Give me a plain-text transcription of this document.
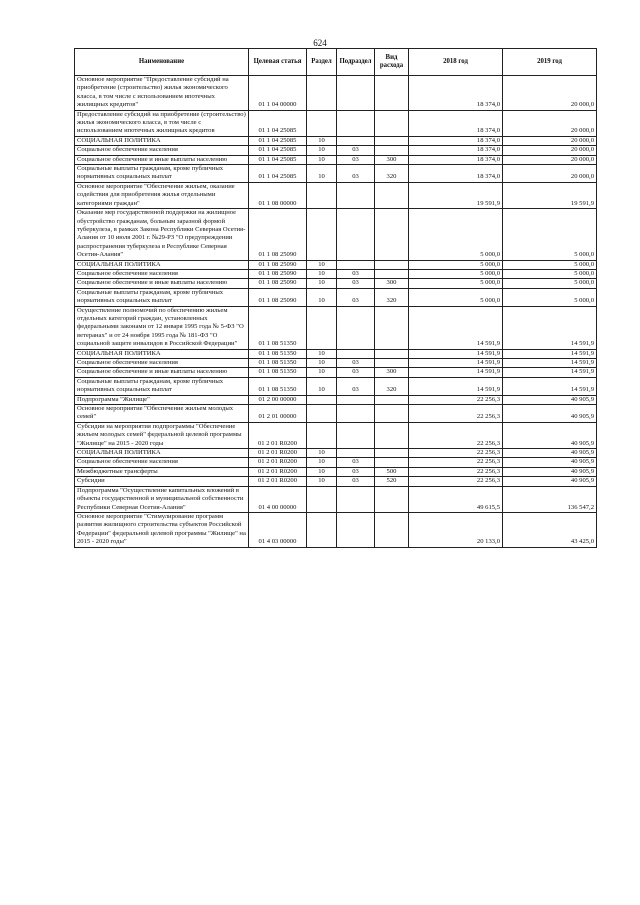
624
Наименование	Целевая статья	Раздел	Подраздел	Вид расхода	2018 год	2019 год
Основное мероприятие "Предоставление субсидий на приобретение (строительство) жилья экономического класса, в том числе с использованием ипотечных жилищных кредитов"	01 1 04 00000				18 374,0	20 000,0
Предоставление субсидий на приобретение (строительство) жилья экономического класса, в том числе с использованием ипотечных жилищных кредитов	01 1 04 25085				18 374,0	20 000,0
СОЦИАЛЬНАЯ ПОЛИТИКА	01 1 04 25085	10			18 374,0	20 000,0
Социальное обеспечение населения	01 1 04 25085	10	03		18 374,0	20 000,0
Социальное обеспечение и иные выплаты населению	01 1 04 25085	10	03	300	18 374,0	20 000,0
Социальные выплаты гражданам, кроме публичных нормативных социальных выплат	01 1 04 25085	10	03	320	18 374,0	20 000,0
Основное мероприятие "Обеспечение жильем, оказание содействия для приобретения жилья отдельными категориями граждан"	01 1 08 00000				19 591,9	19 591,9
Оказание мер государственной поддержки на жилищное обустройство гражданам, больным заразной формой туберкулеза, в рамках Закона Республики Северная Осетия-Алания от 10 июля 2001 г. №29-РЗ "О предупреждении распространения туберкулеза в Республике Северная Осетия-Алания"	01 1 08 25090				5 000,0	5 000,0
СОЦИАЛЬНАЯ ПОЛИТИКА	01 1 08 25090	10			5 000,0	5 000,0
Социальное обеспечение населения	01 1 08 25090	10	03		5 000,0	5 000,0
Социальное обеспечение и иные выплаты населению	01 1 08 25090	10	03	300	5 000,0	5 000,0
Социальные выплаты гражданам, кроме публичных нормативных социальных выплат	01 1 08 25090	10	03	320	5 000,0	5 000,0
Осуществление полномочий по обеспечению жильем отдельных категорий граждан, установленных федеральными законами от 12 января 1995 года № 5-ФЗ "О ветеранах" и от 24 ноября 1995 года № 181-ФЗ "О социальной защите инвалидов в Российской Федерации"	01 1 08 51350				14 591,9	14 591,9
СОЦИАЛЬНАЯ ПОЛИТИКА	01 1 08 51350	10			14 591,9	14 591,9
Социальное обеспечение населения	01 1 08 51350	10	03		14 591,9	14 591,9
Социальное обеспечение и иные выплаты населению	01 1 08 51350	10	03	300	14 591,9	14 591,9
Социальные выплаты гражданам, кроме публичных нормативных социальных выплат	01 1 08 51350	10	03	320	14 591,9	14 591,9
Подпрограмма "Жилище"	01 2 00 00000				22 256,3	40 905,9
Основное мероприятие "Обеспечение жильем молодых семей"	01 2 01 00000				22 256,3	40 905,9
Субсидии на мероприятия подпрограммы "Обеспечение жильем молодых семей" федеральной целевой программы "Жилище" на 2015 - 2020 годы	01 2 01 R0200				22 256,3	40 905,9
СОЦИАЛЬНАЯ ПОЛИТИКА	01 2 01 R0200	10			22 256,3	40 905,9
Социальное обеспечение населения	01 2 01 R0200	10	03		22 256,3	40 905,9
Межбюджетные трансферты	01 2 01 R0200	10	03	500	22 256,3	40 905,9
Субсидии	01 2 01 R0200	10	03	520	22 256,3	40 905,9
Подпрограмма "Осуществление капитальных вложений в объекты государственной и муниципальной собственности Республики Северная Осетия-Алания"	01 4 00 00000				49 615,5	136 547,2
Основное мероприятие "Стимулирование программ развития жилищного строительства субъектов Российской Федерации" федеральной целевой программы "Жилище" на 2015 - 2020 годы"	01 4 03 00000				20 133,0	43 425,0
